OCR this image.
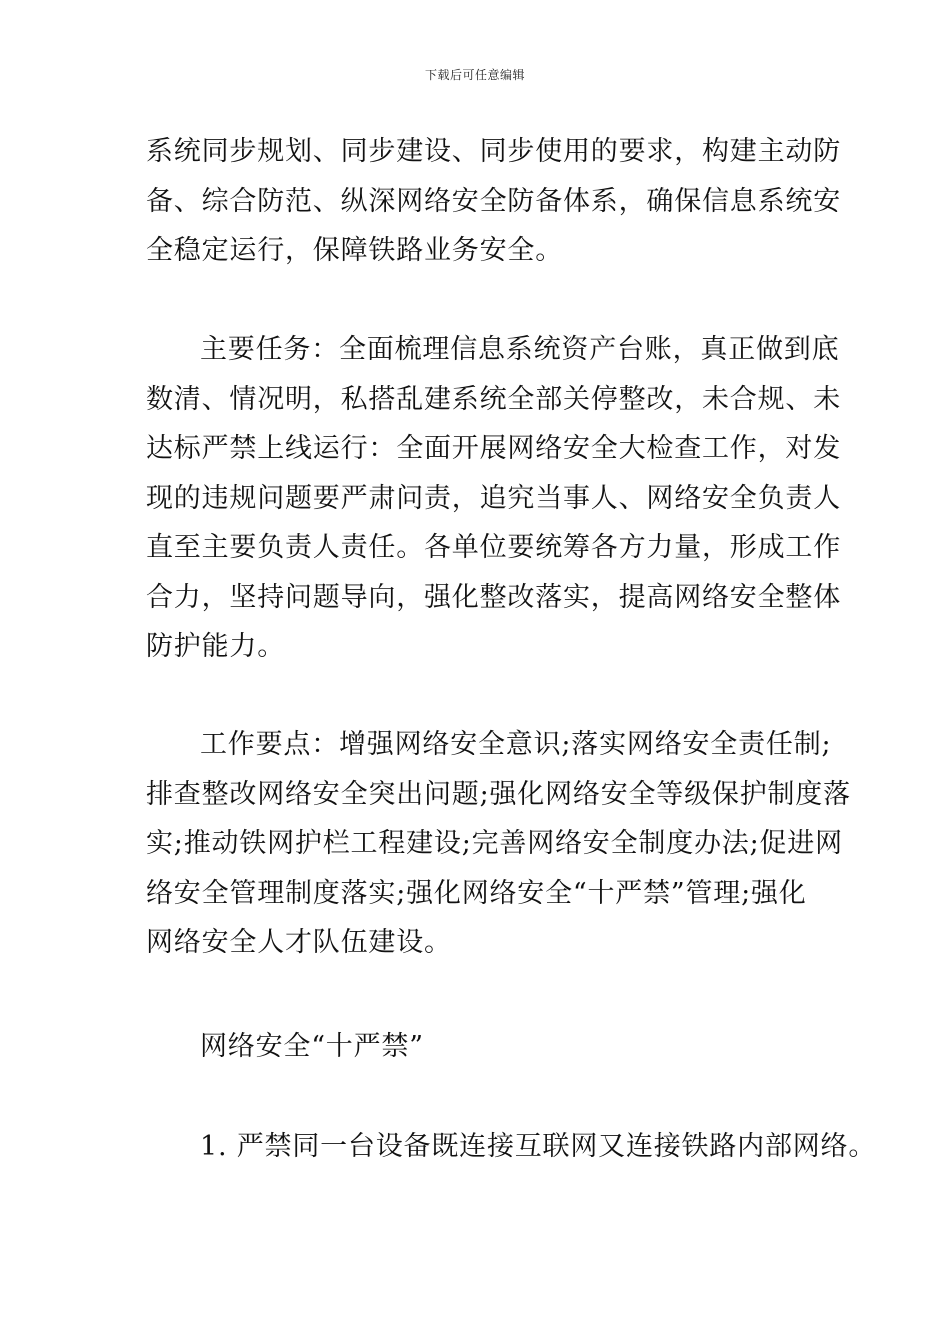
下载后可任意编辑
系统同步规划、同步建设、同步使用的要求，构建主动防
备、综合防范、纵深网络安全防备体系，确保信息系统安
全稳定运行，保障铁路业务安全。
主要任务：全面梳理信息系统资产台账，真正做到底
数清、情况明，私搭乱建系统全部关停整改，未合规、未
达标严禁上线运行：全面开展网络安全大检查工作，对发
现的违规问题要严肃问责，追究当事人、网络安全负责人
直至主要负责人责任。各单位要统筹各方力量，形成工作
合力，坚持问题导向，强化整改落实，提高网络安全整体
防护能力。
工作要点：增强网络安全意识;落实网络安全责任制;
排查整改网络安全突出问题;强化网络安全等级保护制度落
实;推动铁网护栏工程建设;完善网络安全制度办法;促进网
络安全管理制度落实;强化网络安全“十严禁”管理;强化
网络安全人才队伍建设。
网络安全“十严禁”
1. 严禁同一台设备既连接互联网又连接铁路内部网络。
